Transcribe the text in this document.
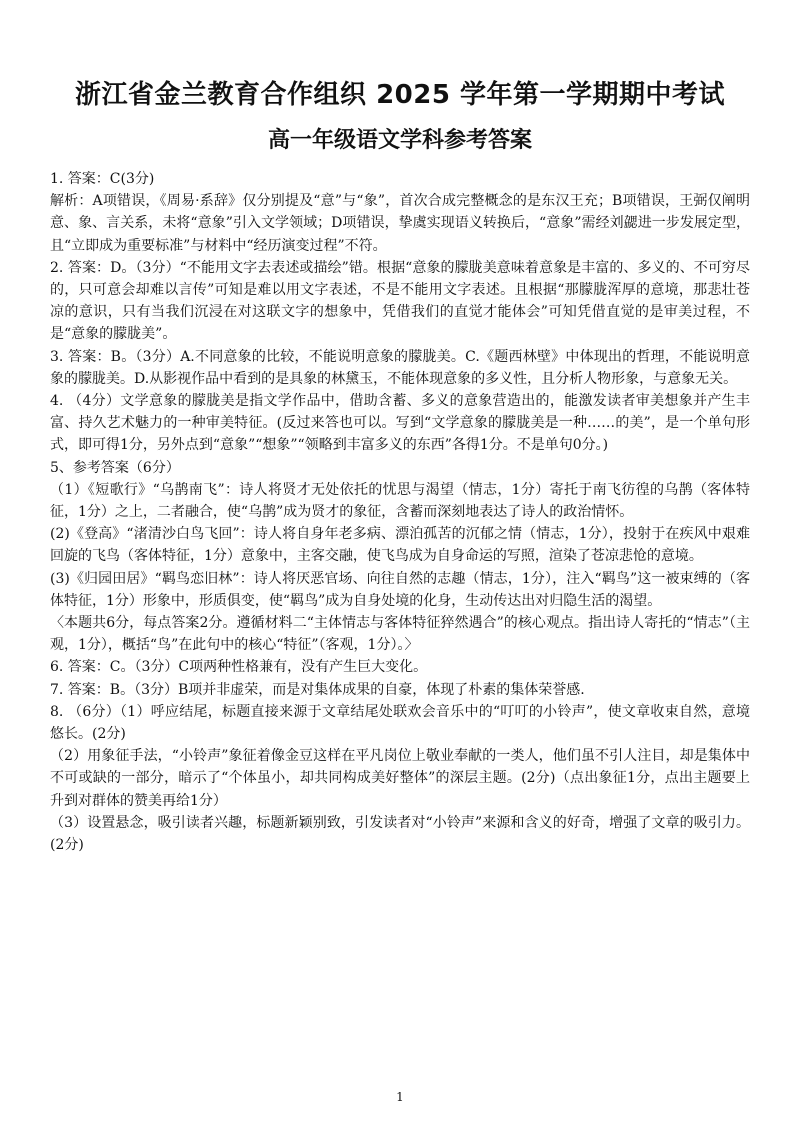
浙江省金兰教育合作组织 2025 学年第一学期期中考试
高一年级语文学科参考答案

1. 答案：C(3分)

解析：A项错误，《周易·系辞》仅分别提及“意”与“象”，首次合成完整概念的是东汉王充；B项错误，王弼仅阐明意、象、言关系，未将“意象”引入文学领域；D项错误，挚虞实现语义转换后，“意象”需经刘勰进一步发展定型，且“立即成为重要标准”与材料中“经历演变过程”不符。

2. 答案：D。（3分）“不能用文字去表述或描绘”错。根据“意象的朦胧美意味着意象是丰富的、多义的、不可穷尽的，只可意会却难以言传”可知是难以用文字表述，不是不能用文字表述。且根据“那朦胧浑厚的意境，那悲壮苍凉的意识，只有当我们沉浸在对这联文字的想象中，凭借我们的直觉才能体会”可知凭借直觉的是审美过程，不是“意象的朦胧美”。

3. 答案：B。（3分）A.不同意象的比较，不能说明意象的朦胧美。C.《题西林壁》中体现出的哲理，不能说明意象的朦胧美。D.从影视作品中看到的是具象的林黛玉，不能体现意象的多义性，且分析人物形象，与意象无关。

4. （4分）文学意象的朦胧美是指文学作品中，借助含蓄、多义的意象营造出的，能激发读者审美想象并产生丰富、持久艺术魅力的一种审美特征。(反过来答也可以。写到“文学意象的朦胧美是一种……的美”，是一个单句形式，即可得1分，另外点到“意象”“想象”“领略到丰富多义的东西”各得1分。不是单句0分。)

5、参考答案（6分）

（1）《短歌行》“乌鹊南飞”：诗人将贤才无处依托的忧思与渴望（情志，1分）寄托于南飞彷徨的乌鹊（客体特征，1分）之上，二者融合，使“乌鹊”成为贤才的象征，含蓄而深刻地表达了诗人的政治情怀。

(2)《登高》“渚清沙白鸟飞回”：诗人将自身年老多病、漂泊孤苦的沉郁之情（情志，1分），投射于在疾风中艰难回旋的飞鸟（客体特征，1分）意象中，主客交融，使飞鸟成为自身命运的写照，渲染了苍凉悲怆的意境。

(3)《归园田居》“羁鸟恋旧林”：诗人将厌恶官场、向往自然的志趣（情志，1分），注入“羁鸟”这一被束缚的（客体特征，1分）形象中，形质俱变，使“羁鸟”成为自身处境的化身，生动传达出对归隐生活的渴望。

〈本题共6分，每点答案2分。遵循材料二“主体情志与客体特征猝然遇合”的核心观点。指出诗人寄托的“情志”（主观，1分），概括“鸟”在此句中的核心“特征”（客观，1分）。〉

6. 答案：C。（3分）C项两种性格兼有，没有产生巨大变化。

7. 答案：B。（3分）B项并非虚荣，而是对集体成果的自豪，体现了朴素的集体荣誉感.

8. （6分）（1）呼应结尾，标题直接来源于文章结尾处联欢会音乐中的“叮叮的小铃声”，使文章收束自然，意境悠长。(2分)

（2）用象征手法，“小铃声”象征着像金豆这样在平凡岗位上敬业奉献的一类人，他们虽不引人注目，却是集体中不可或缺的一部分，暗示了“个体虽小，却共同构成美好整体”的深层主题。(2分)（点出象征1分，点出主题要上升到对群体的赞美再给1分）

（3）设置悬念，吸引读者兴趣，标题新颖别致，引发读者对“小铃声”来源和含义的好奇，增强了文章的吸引力。(2分)

1
